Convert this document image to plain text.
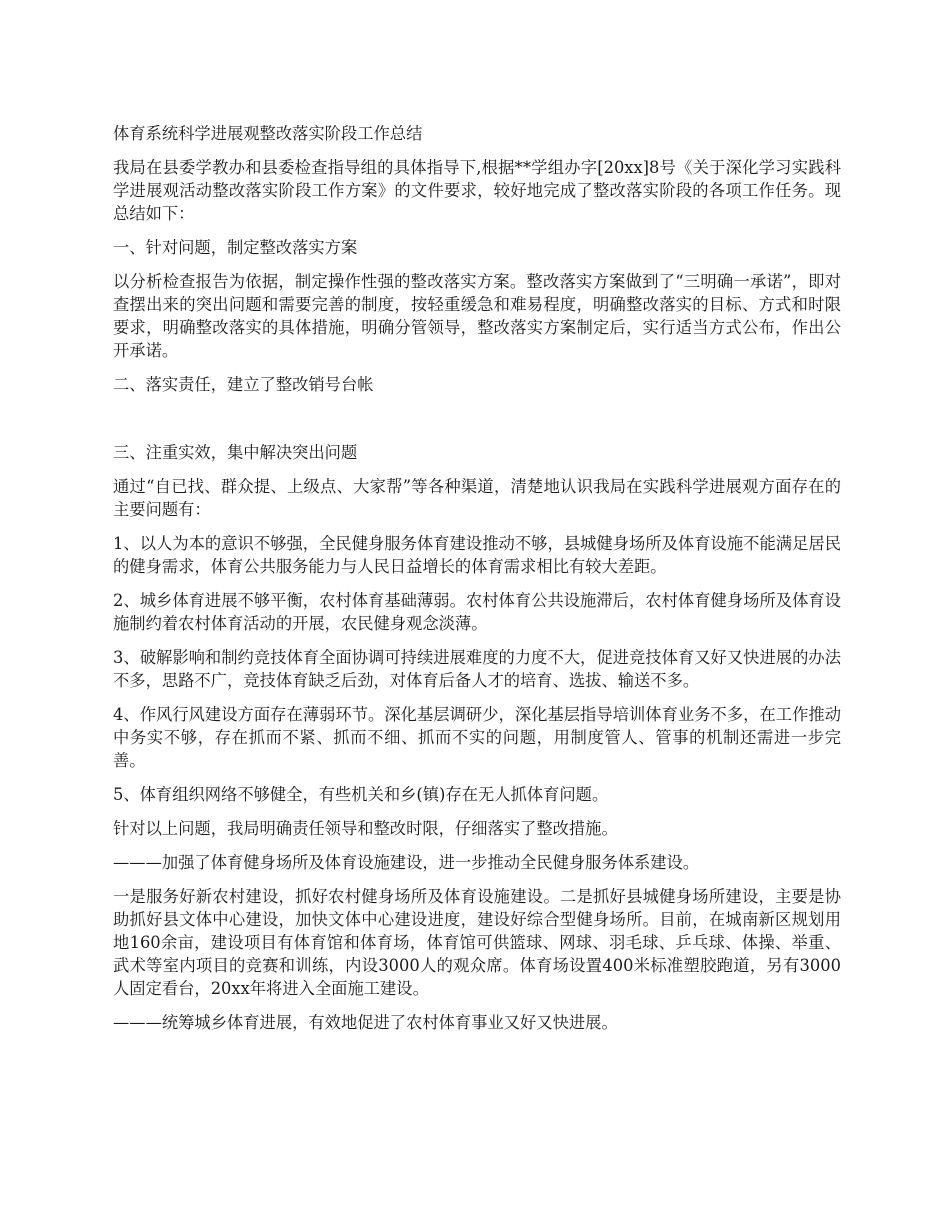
体育系统科学进展观整改落实阶段工作总结

我局在县委学教办和县委检查指导组的具体指导下,根据**学组办字[20xx]8号《关于深化学习实践科学进展观活动整改落实阶段工作方案》的文件要求，较好地完成了整改落实阶段的各项工作任务。现总结如下：

一、针对问题，制定整改落实方案

以分析检查报告为依据，制定操作性强的整改落实方案。整改落实方案做到了“三明确一承诺”，即对查摆出来的突出问题和需要完善的制度，按轻重缓急和难易程度，明确整改落实的目标、方式和时限要求，明确整改落实的具体措施，明确分管领导，整改落实方案制定后，实行适当方式公布，作出公开承诺。

二、落实责任，建立了整改销号台帐

三、注重实效，集中解决突出问题

通过“自已找、群众提、上级点、大家帮”等各种渠道，清楚地认识我局在实践科学进展观方面存在的主要问题有：

1、以人为本的意识不够强，全民健身服务体育建设推动不够，县城健身场所及体育设施不能满足居民的健身需求，体育公共服务能力与人民日益增长的体育需求相比有较大差距。

2、城乡体育进展不够平衡，农村体育基础薄弱。农村体育公共设施滞后，农村体育健身场所及体育设施制约着农村体育活动的开展，农民健身观念淡薄。

3、破解影响和制约竞技体育全面协调可持续进展难度的力度不大，促进竞技体育又好又快进展的办法不多，思路不广，竞技体育缺乏后劲，对体育后备人才的培育、选拔、输送不多。

4、作风行风建设方面存在薄弱环节。深化基层调研少，深化基层指导培训体育业务不多，在工作推动中务实不够，存在抓而不紧、抓而不细、抓而不实的问题，用制度管人、管事的机制还需进一步完善。

5、体育组织网络不够健全，有些机关和乡(镇)存在无人抓体育问题。

针对以上问题，我局明确责任领导和整改时限，仔细落实了整改措施。

———加强了体育健身场所及体育设施建设，进一步推动全民健身服务体系建设。

一是服务好新农村建设，抓好农村健身场所及体育设施建设。二是抓好县城健身场所建设，主要是协助抓好县文体中心建设，加快文体中心建设进度，建设好综合型健身场所。目前，在城南新区规划用地160余亩，建设项目有体育馆和体育场，体育馆可供篮球、网球、羽毛球、乒乓球、体操、举重、武术等室内项目的竞赛和训练，内设3000人的观众席。体育场设置400米标准塑胶跑道，另有3000人固定看台，20xx年将进入全面施工建设。

———统筹城乡体育进展，有效地促进了农村体育事业又好又快进展。
